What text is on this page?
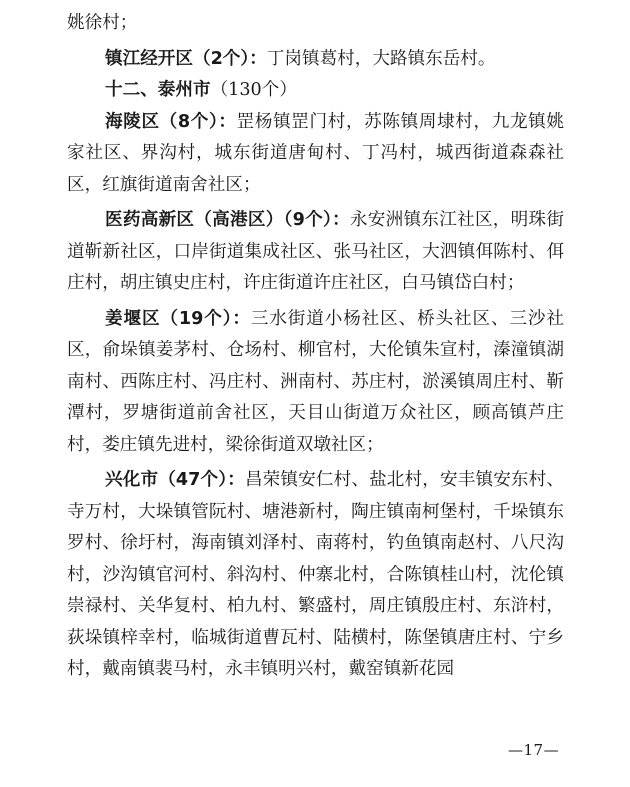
姚徐村；

镇江经开区（2个）：丁岗镇葛村，大路镇东岳村。

十二、泰州市（130个）

海陵区（8个）：罡杨镇罡门村，苏陈镇周埭村，九龙镇姚家社区、界沟村，城东街道唐甸村、丁冯村，城西街道森森社区，红旗街道南舍社区；

医药高新区（高港区）（9个）：永安洲镇东江社区，明珠街道靳新社区，口岸街道集成社区、张马社区，大泗镇佴陈村、佴庄村，胡庄镇史庄村，许庄街道许庄社区，白马镇岱白村；

姜堰区（19个）：三水街道小杨社区、桥头社区、三沙社区，俞垛镇姜茅村、仓场村、柳官村，大伦镇朱宣村，溱潼镇湖南村、西陈庄村、冯庄村、洲南村、苏庄村，淤溪镇周庄村、靳潭村，罗塘街道前舍社区，天目山街道万众社区，顾高镇芦庄村，娄庄镇先进村，梁徐街道双墩社区；

兴化市（47个）：昌荣镇安仁村、盐北村，安丰镇安东村、寺万村，大垛镇管阮村、塘港新村，陶庄镇南柯堡村，千垛镇东罗村、徐圩村，海南镇刘泽村、南蒋村，钓鱼镇南赵村、八尺沟村，沙沟镇官河村、斜沟村、仲寨北村，合陈镇桂山村，沈伦镇崇禄村、关华复村、柏九村、繁盛村，周庄镇殷庄村、东浒村，荻垛镇梓幸村，临城街道曹瓦村、陆横村，陈堡镇唐庄村、宁乡村，戴南镇裴马村，永丰镇明兴村，戴窑镇新花园

—17—
